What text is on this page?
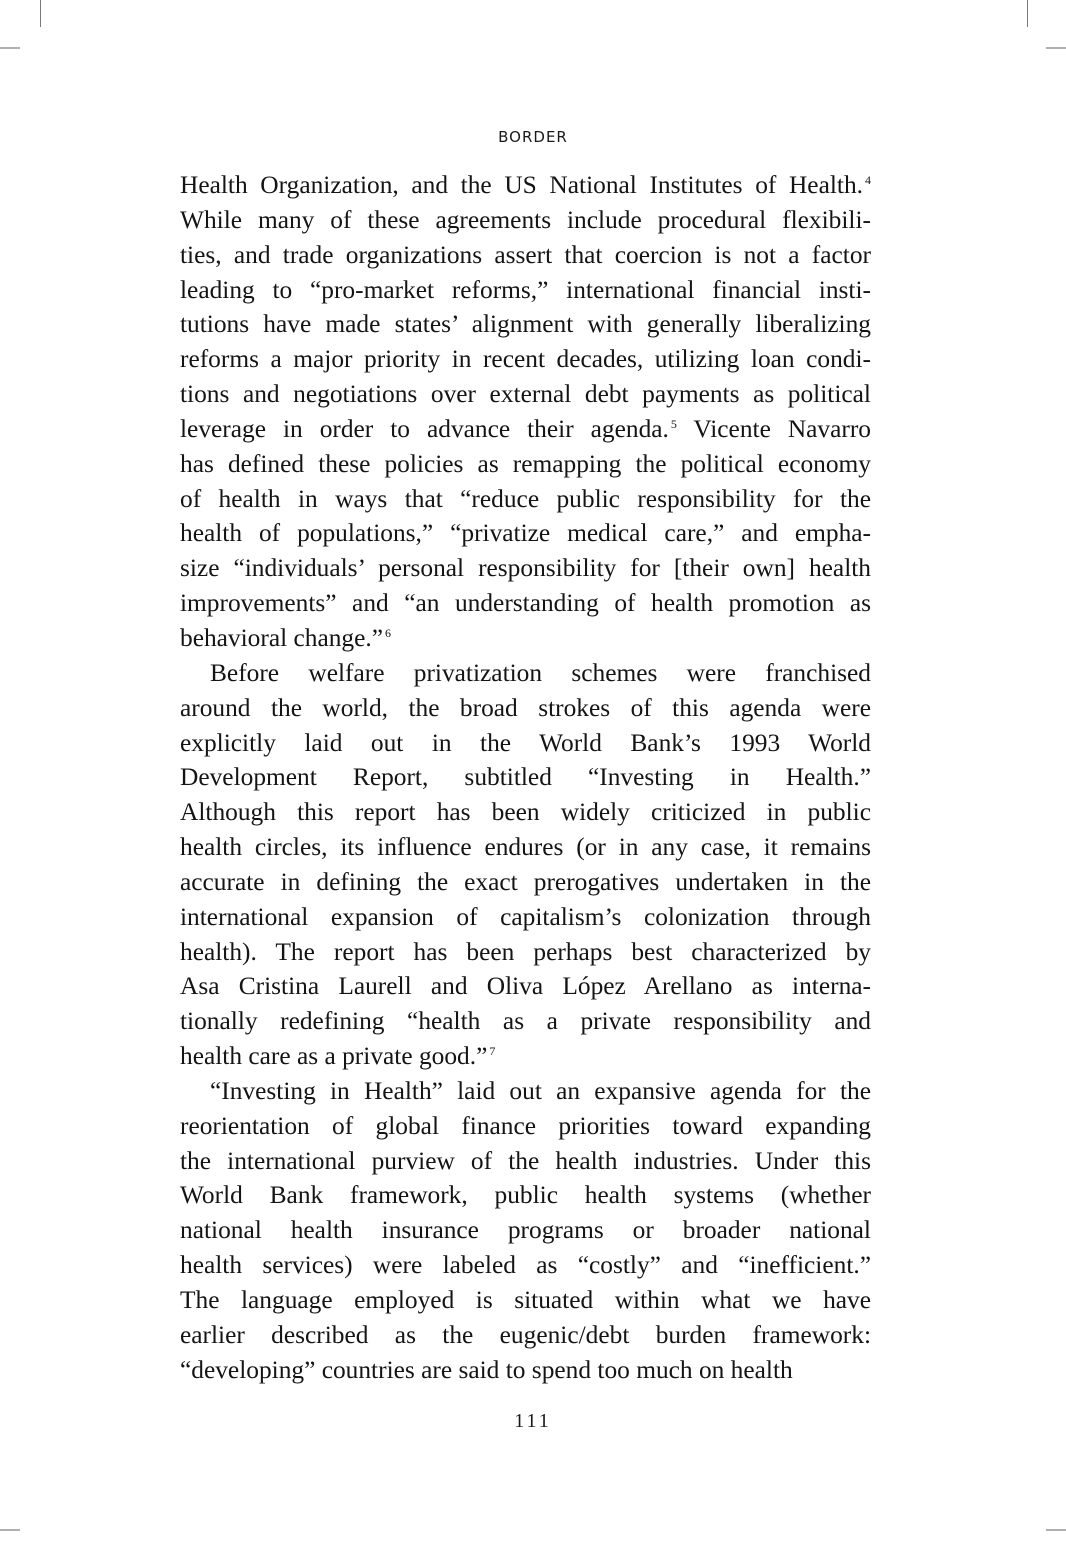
BORDER

Health Organization, and the US National Institutes of Health. $^4$
While many of these agreements include procedural flexibili-
ties, and trade organizations assert that coercion is not a factor
leading to “pro-market reforms,” international financial insti-
tutions have made states’ alignment with generally liberalizing
reforms a major priority in recent decades, utilizing loan condi-
tions and negotiations over external debt payments as political
leverage in order to advance their agenda. $^5$ Vicente Navarro
has defined these policies as remapping the political economy
of health in ways that “reduce public responsibility for the
health of populations,” “privatize medical care,” and empha-
size “individuals’ personal responsibility for [their own] health
improvements” and “an understanding of health promotion as
behavioral change.” $^6$

Before welfare privatization schemes were franchised
around the world, the broad strokes of this agenda were
explicitly laid out in the World Bank’s 1993 World
Development Report, subtitled “Investing in Health.”
Although this report has been widely criticized in public
health circles, its influence endures (or in any case, it remains
accurate in defining the exact prerogatives undertaken in the
international expansion of capitalism’s colonization through
health). The report has been perhaps best characterized by
Asa Cristina Laurell and Oliva López Arellano as interna-
tionally redefining “health as a private responsibility and
health care as a private good.” $^7$

“Investing in Health” laid out an expansive agenda for the
reorientation of global finance priorities toward expanding
the international purview of the health industries. Under this
World Bank framework, public health systems (whether
national health insurance programs or broader national
health services) were labeled as “costly” and “inefficient.”
The language employed is situated within what we have
earlier described as the eugenic/debt burden framework:
“developing” countries are said to spend too much on health

111
